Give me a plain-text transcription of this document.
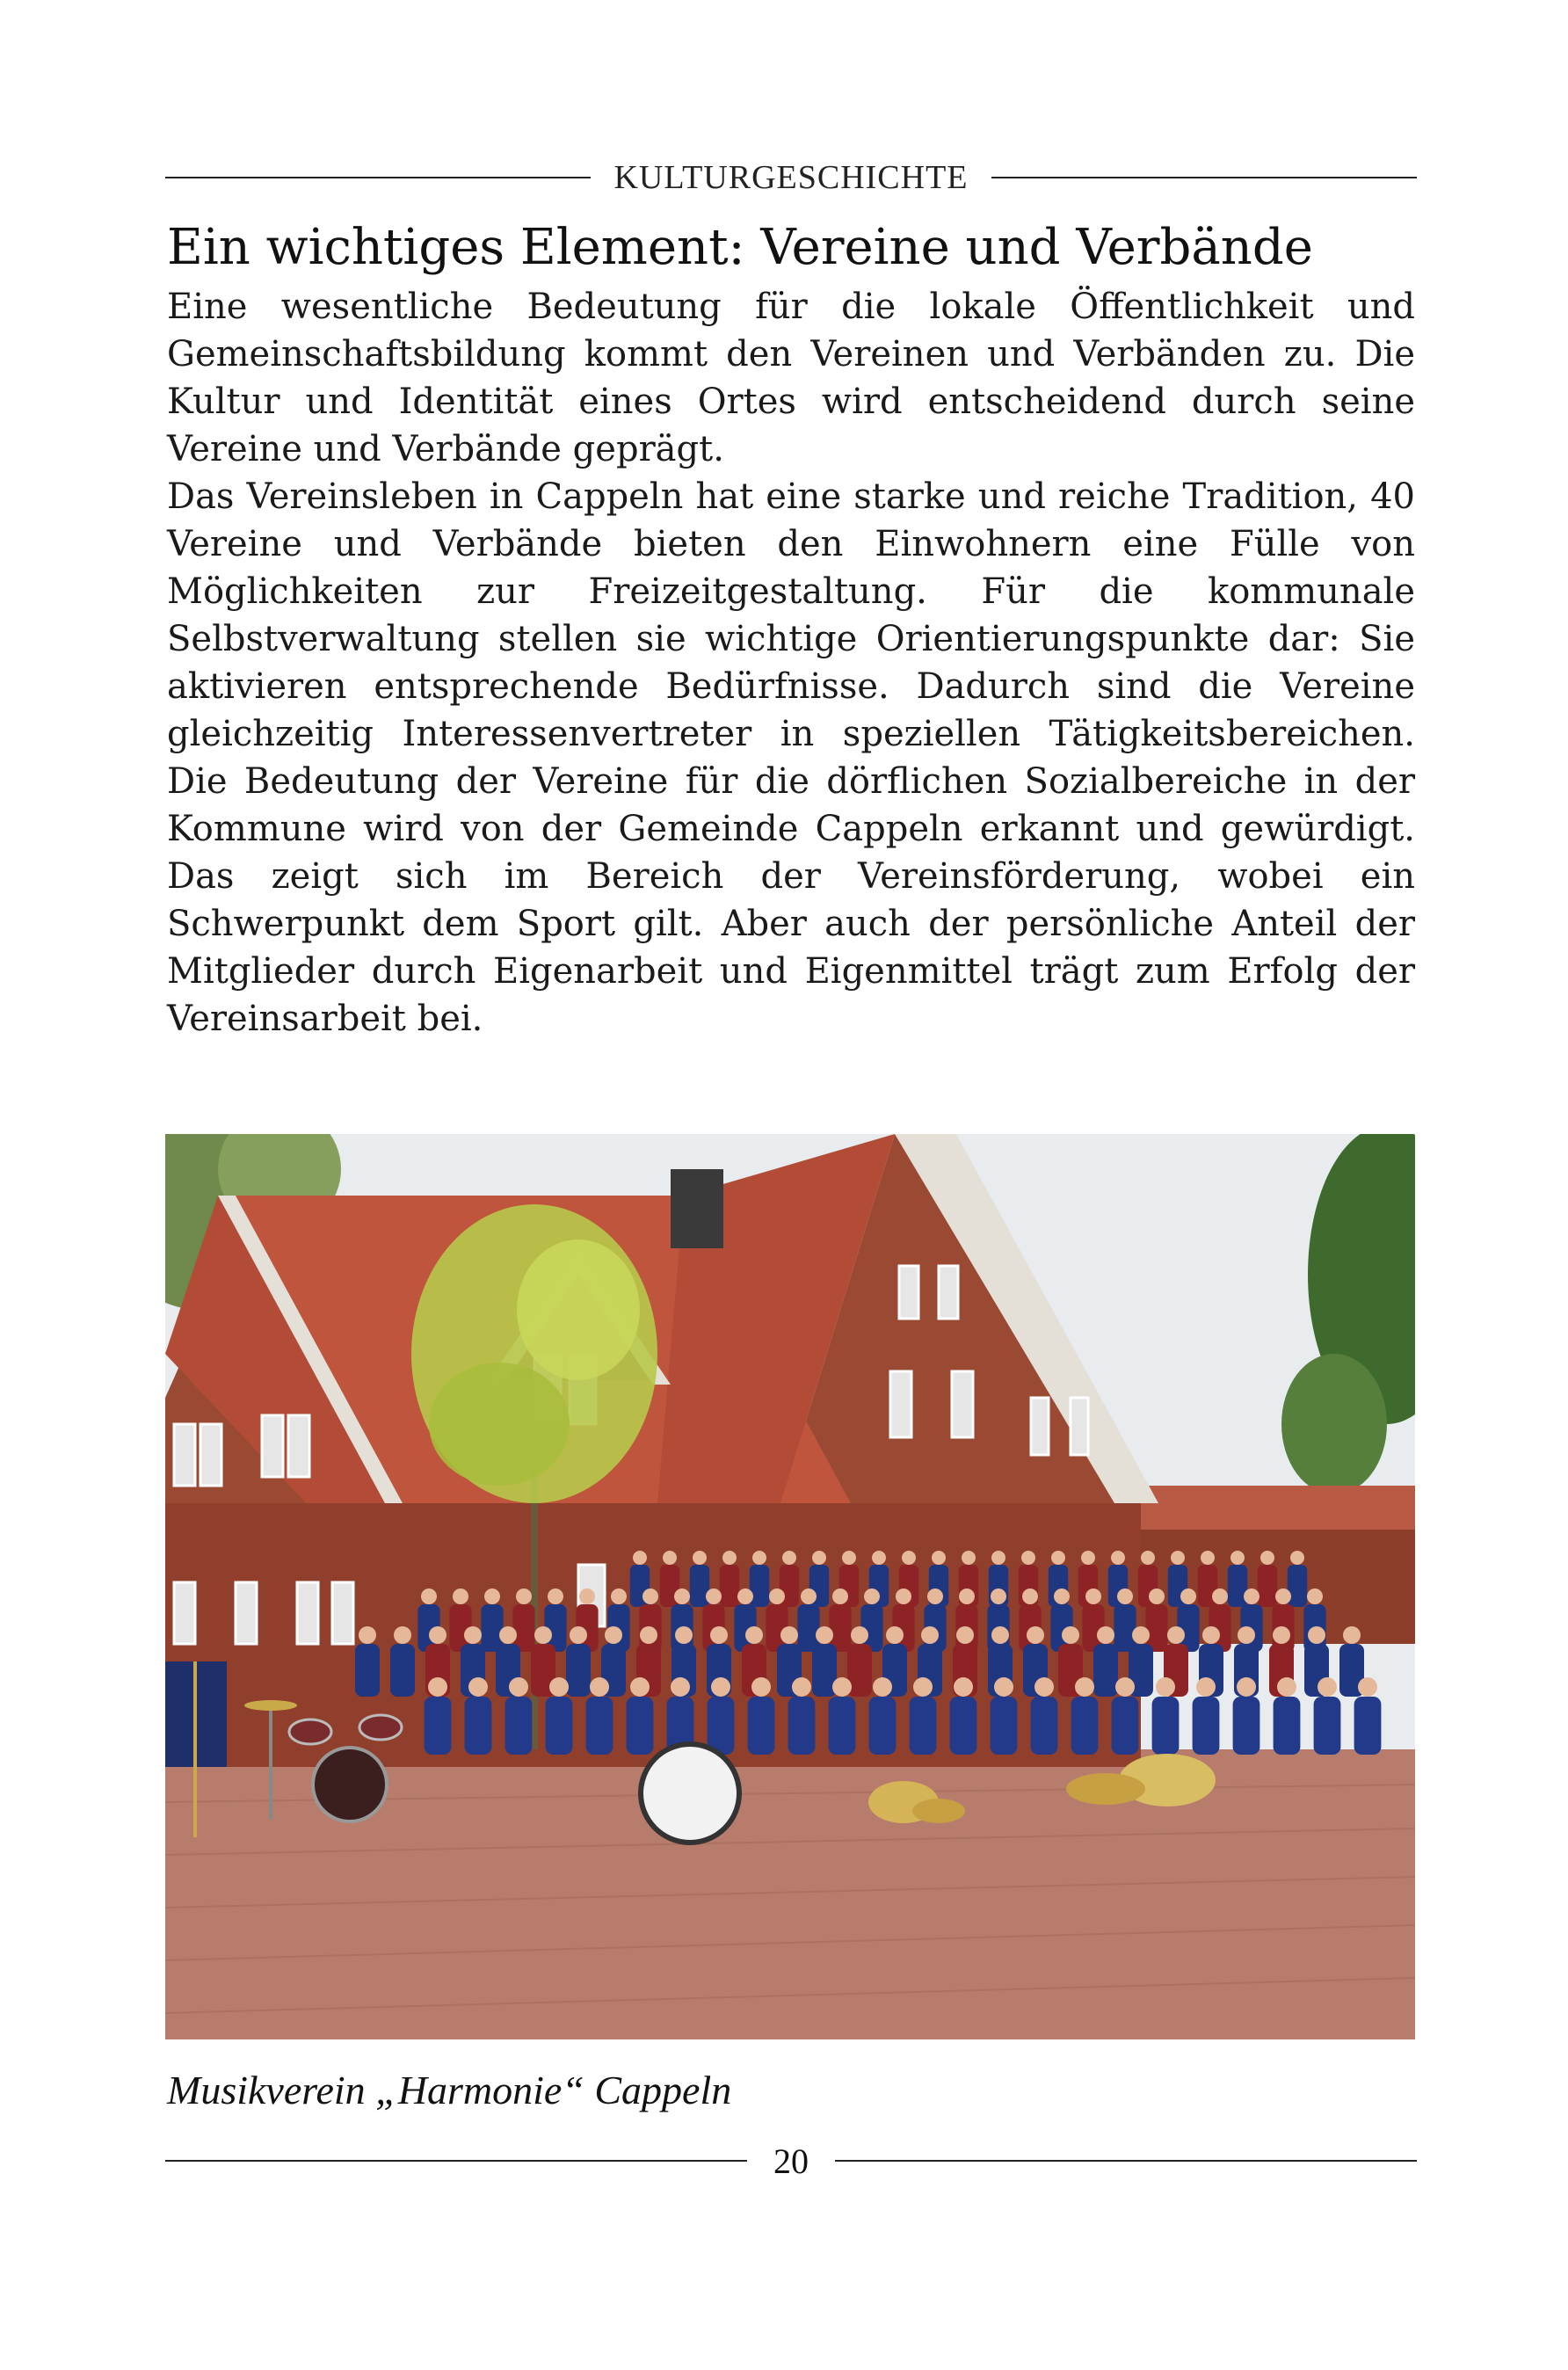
KULTURGESCHICHTE
Ein wichtiges Element: Vereine und Verbände

Eine wesentliche Bedeutung für die lokale Öffentlichkeit und Gemeinschaftsbildung kommt den Vereinen und Verbänden zu. Die Kultur und Identität eines Ortes wird entscheidend durch seine Vereine und Verbände geprägt.

Das Vereinsleben in Cappeln hat eine starke und reiche Tradition, 40 Vereine und Verbände bieten den Einwohnern eine Fülle von Möglichkeiten zur Freizeitgestaltung. Für die kommunale Selbstverwaltung stellen sie wichtige Orientierungspunkte dar: Sie aktivieren entsprechende Bedürfnisse. Dadurch sind die Vereine gleichzeitig Interessenvertreter in speziellen Tätigkeitsbereichen. Die Bedeutung der Vereine für die dörflichen Sozialbereiche in der Kommune wird von der Gemeinde Cappeln erkannt und gewürdigt. Das zeigt sich im Bereich der Vereinsförderung, wobei ein Schwerpunkt dem Sport gilt. Aber auch der persönliche Anteil der Mitglieder durch Eigenarbeit und Eigenmittel trägt zum Erfolg der Vereinsarbeit bei.

Musikverein „Harmonie“ Cappeln
20
